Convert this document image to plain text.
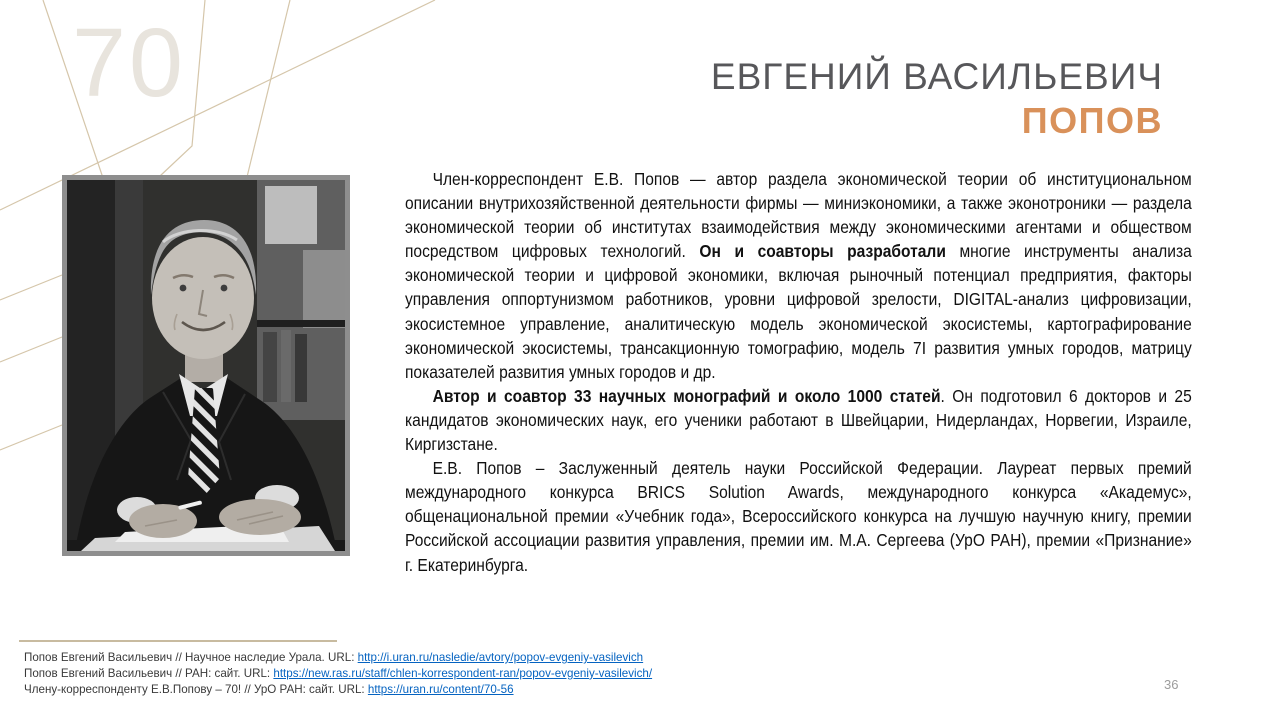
70	ЕВГЕНИЙ ВАСИЛЬЕВИЧ
ПОПОВ

Член-корреспондент Е.В. Попов — автор раздела экономической теории об институциональном описании внутрихозяйственной деятельности фирмы — миниэкономики, а также эконотроники — раздела экономической теории об институтах взаимодействия между экономическими агентами и обществом посредством цифровых технологий. Он и соавторы разработали многие инструменты анализа экономической теории и цифровой экономики, включая рыночный потенциал предприятия, факторы управления оппортунизмом работников, уровни цифровой зрелости, DIGITAL-анализ цифровизации, экосистемное управление, аналитическую модель экономической экосистемы, картографирование экономической экосистемы, трансакционную томографию, модель 7I развития умных городов, матрицу показателей развития умных городов и др.

Автор и соавтор 33 научных монографий и около 1000 статей. Он подготовил 6 докторов и 25 кандидатов экономических наук, его ученики работают в Швейцарии, Нидерландах, Норвегии, Израиле, Киргизстане.

Е.В. Попов – Заслуженный деятель науки Российской Федерации. Лауреат первых премий международного конкурса BRICS Solution Awards, международного конкурса «Академус», общенациональной премии «Учебник года», Всероссийского конкурса на лучшую научную книгу, премии Российской ассоциации развития управления, премии им. М.А. Сергеева (УрО РАН), премии «Признание» г. Екатеринбурга.

Попов Евгений Васильевич // Научное наследие Урала. URL: http://i.uran.ru/nasledie/avtory/popov-evgeniy-vasilevich
Попов Евгений Васильевич // РАН: сайт. URL: https://new.ras.ru/staff/chlen-korrespondent-ran/popov-evgeniy-vasilevich/
Члену-корреспонденту Е.В.Попову – 70! // УрО РАН: сайт. URL: https://uran.ru/content/70-56	36
